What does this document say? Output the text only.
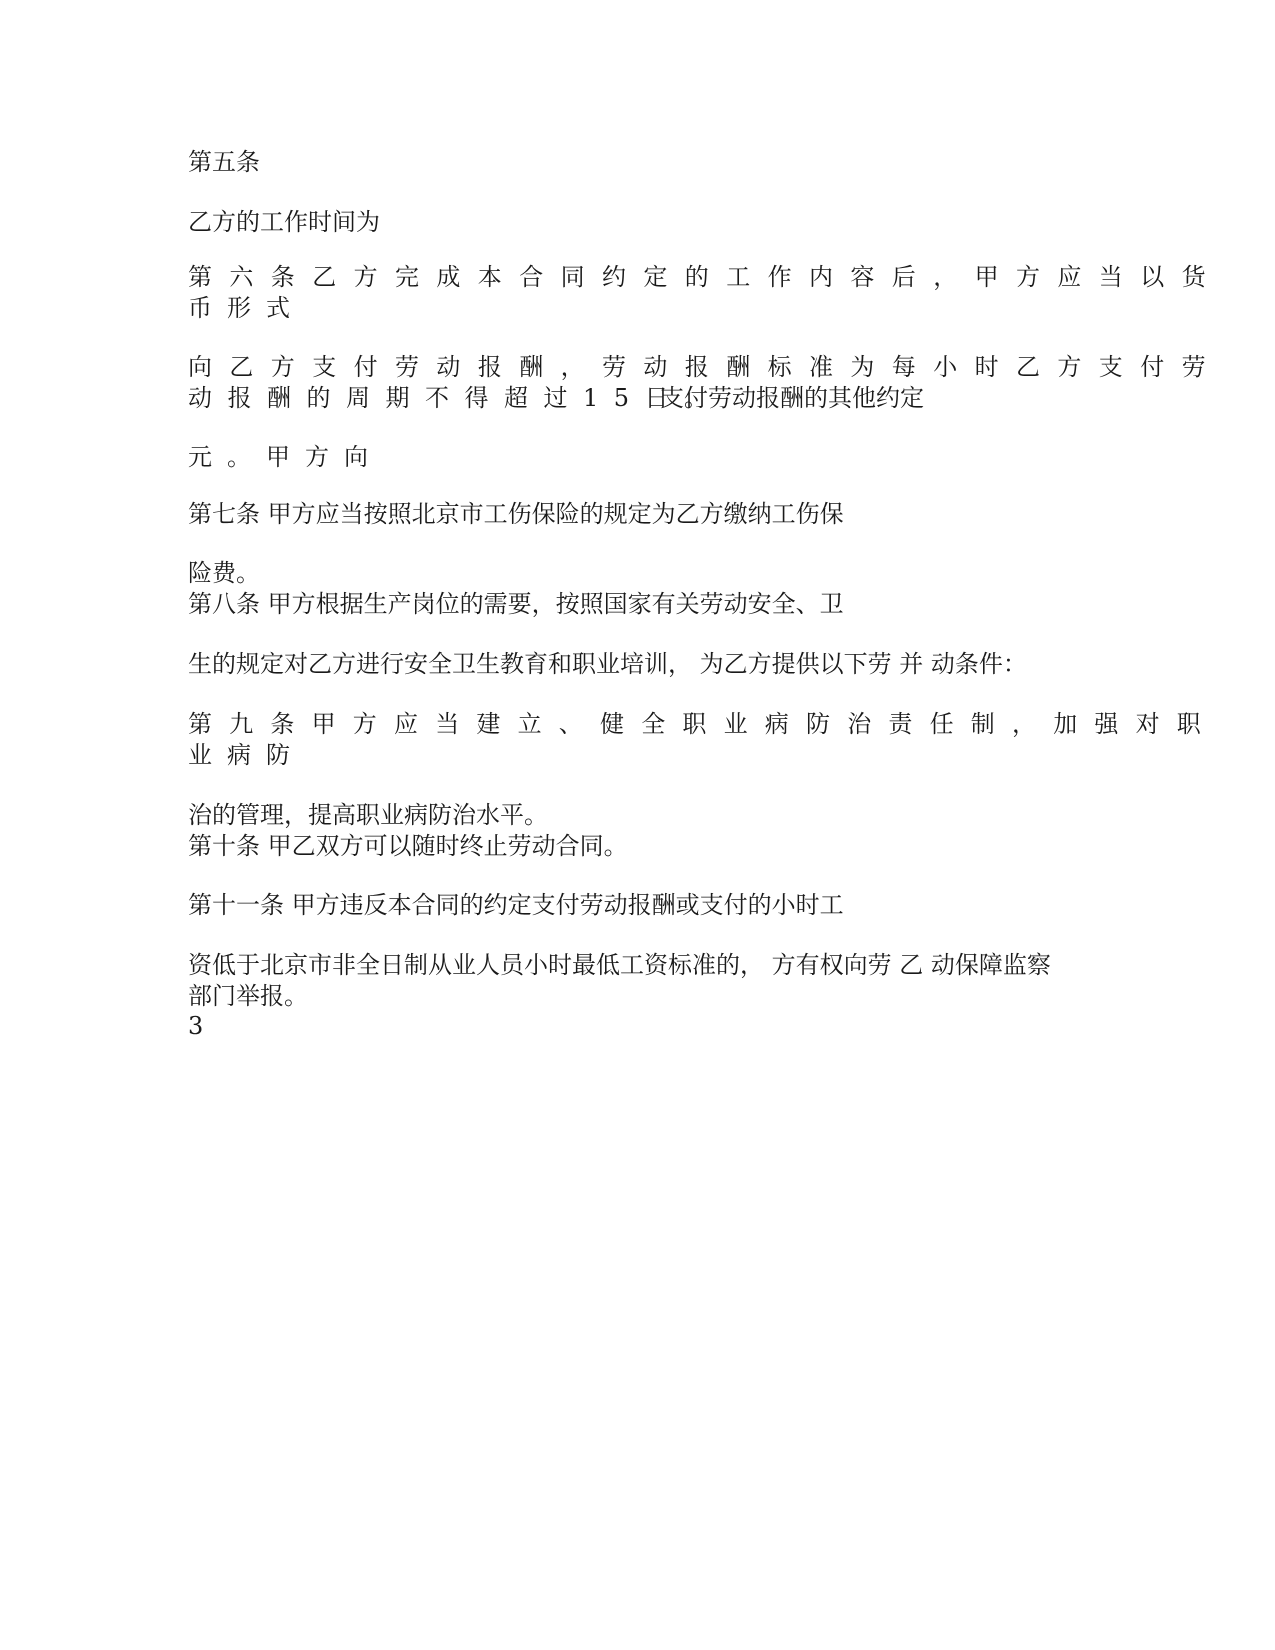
第五条
乙方的工作时间为
第六条乙方完成本合同约定的工作内容后，甲方应当以货
币形式
向乙方支付劳动报酬，劳动报酬标准为每小时乙方支付劳
动报酬的周期不得超过15日。
支付劳动报酬的其他约定
元。甲方向
第七条 甲方应当按照北京市工伤保险的规定为乙方缴纳工伤保
险费。
第八条 甲方根据生产岗位的需要，按照国家有关劳动安全、卫
生的规定对乙方进行安全卫生教育和职业培训， 为乙方提供以下劳 并 动条件：
第九条甲方应当建立、健全职业病防治责任制，加强对职
业病防
治的管理，提高职业病防治水平。
第十条 甲乙双方可以随时终止劳动合同。
第十一条 甲方违反本合同的约定支付劳动报酬或支付的小时工
资低于北京市非全日制从业人员小时最低工资标准的， 方有权向劳 乙 动保障监察
部门举报。
3
